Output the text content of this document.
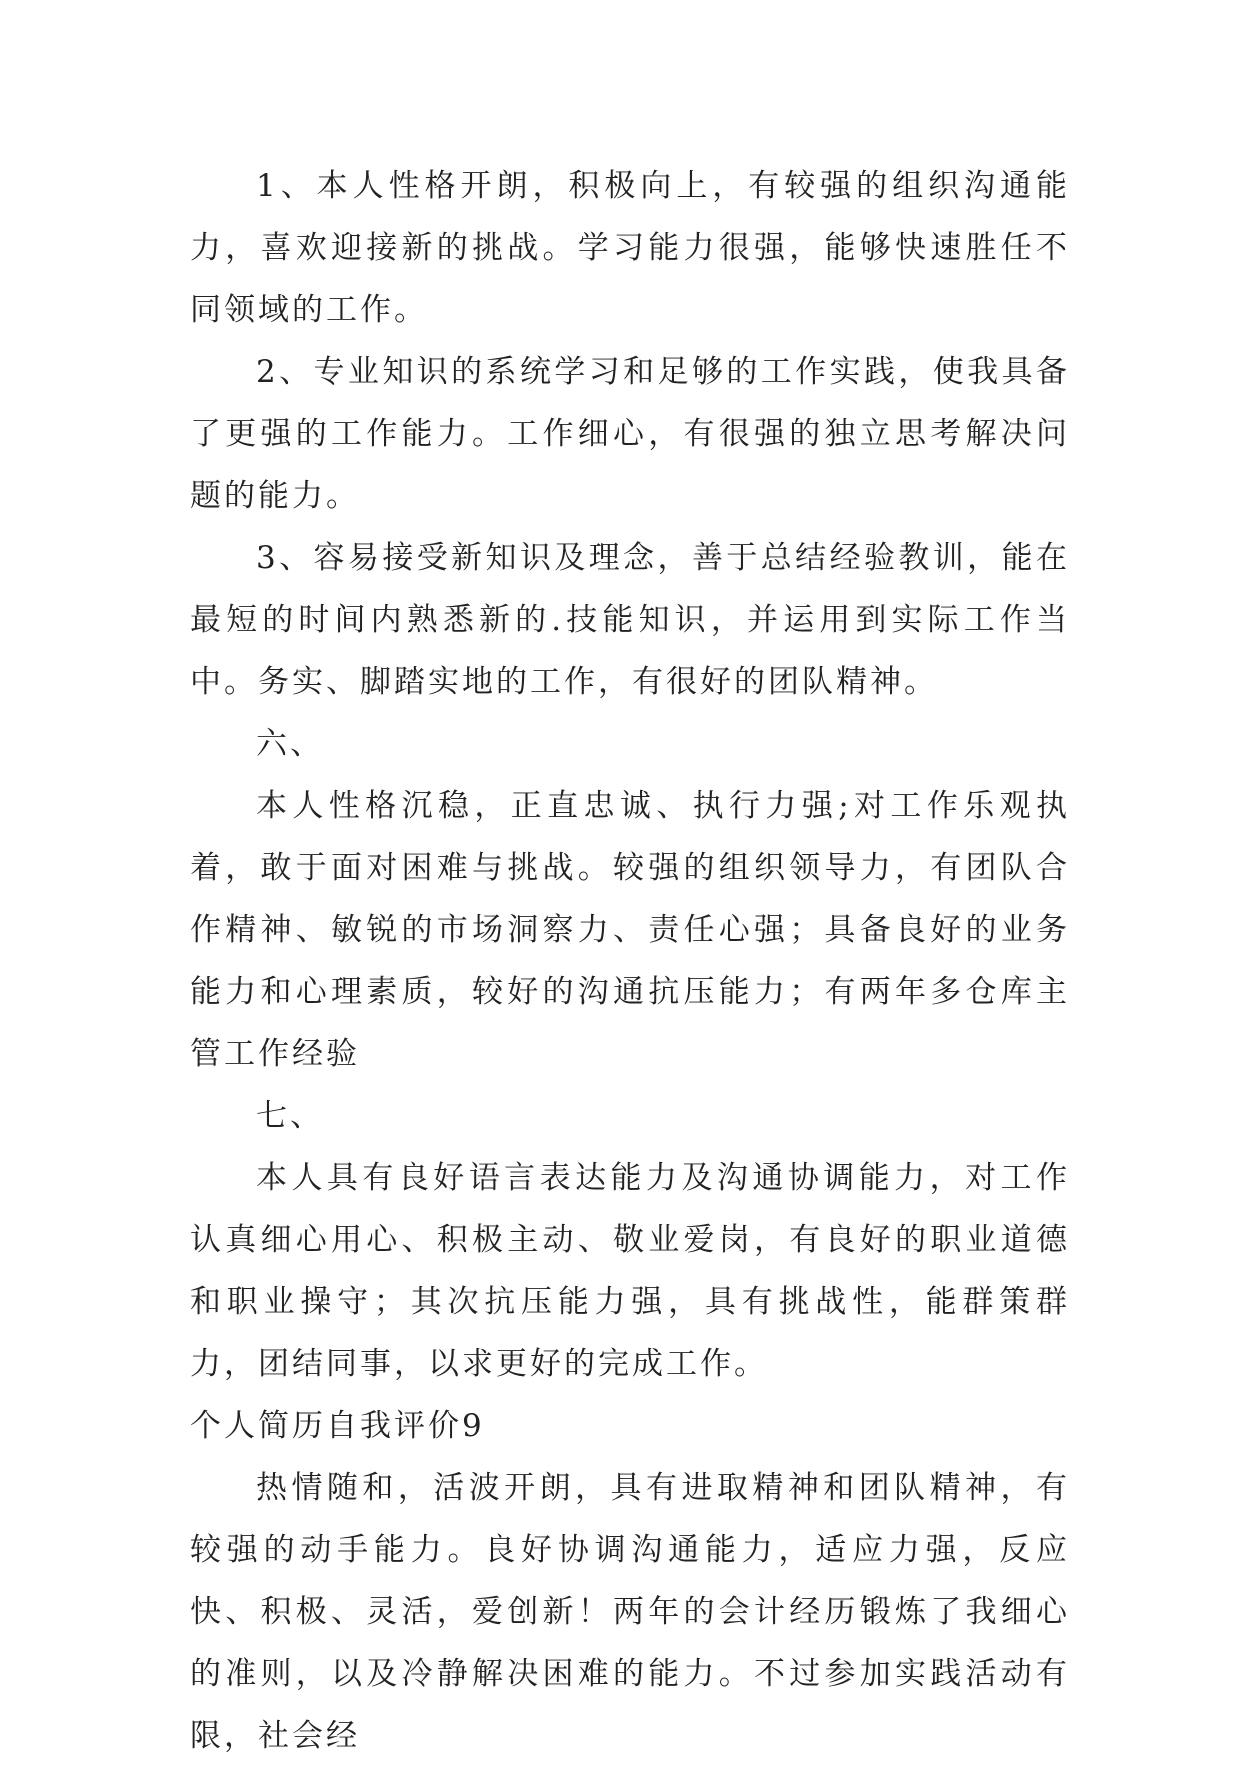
1、本人性格开朗，积极向上，有较强的组织沟通能力，喜欢迎接新的挑战。学习能力很强，能够快速胜任不同领域的工作。

2、专业知识的系统学习和足够的工作实践，使我具备了更强的工作能力。工作细心，有很强的独立思考解决问题的能力。

3、容易接受新知识及理念，善于总结经验教训，能在最短的时间内熟悉新的.技能知识，并运用到实际工作当中。务实、脚踏实地的工作，有很好的团队精神。

六、

本人性格沉稳，正直忠诚、执行力强;对工作乐观执着，敢于面对困难与挑战。较强的组织领导力，有团队合作精神、敏锐的市场洞察力、责任心强；具备良好的业务能力和心理素质，较好的沟通抗压能力；有两年多仓库主管工作经验

七、

本人具有良好语言表达能力及沟通协调能力，对工作认真细心用心、积极主动、敬业爱岗，有良好的职业道德和职业操守；其次抗压能力强，具有挑战性，能群策群力，团结同事，以求更好的完成工作。

个人简历自我评价9

热情随和，活波开朗，具有进取精神和团队精神，有较强的动手能力。良好协调沟通能力，适应力强，反应快、积极、灵活，爱创新！两年的会计经历锻炼了我细心的准则，以及冷静解决困难的能力。不过参加实践活动有限，社会经
